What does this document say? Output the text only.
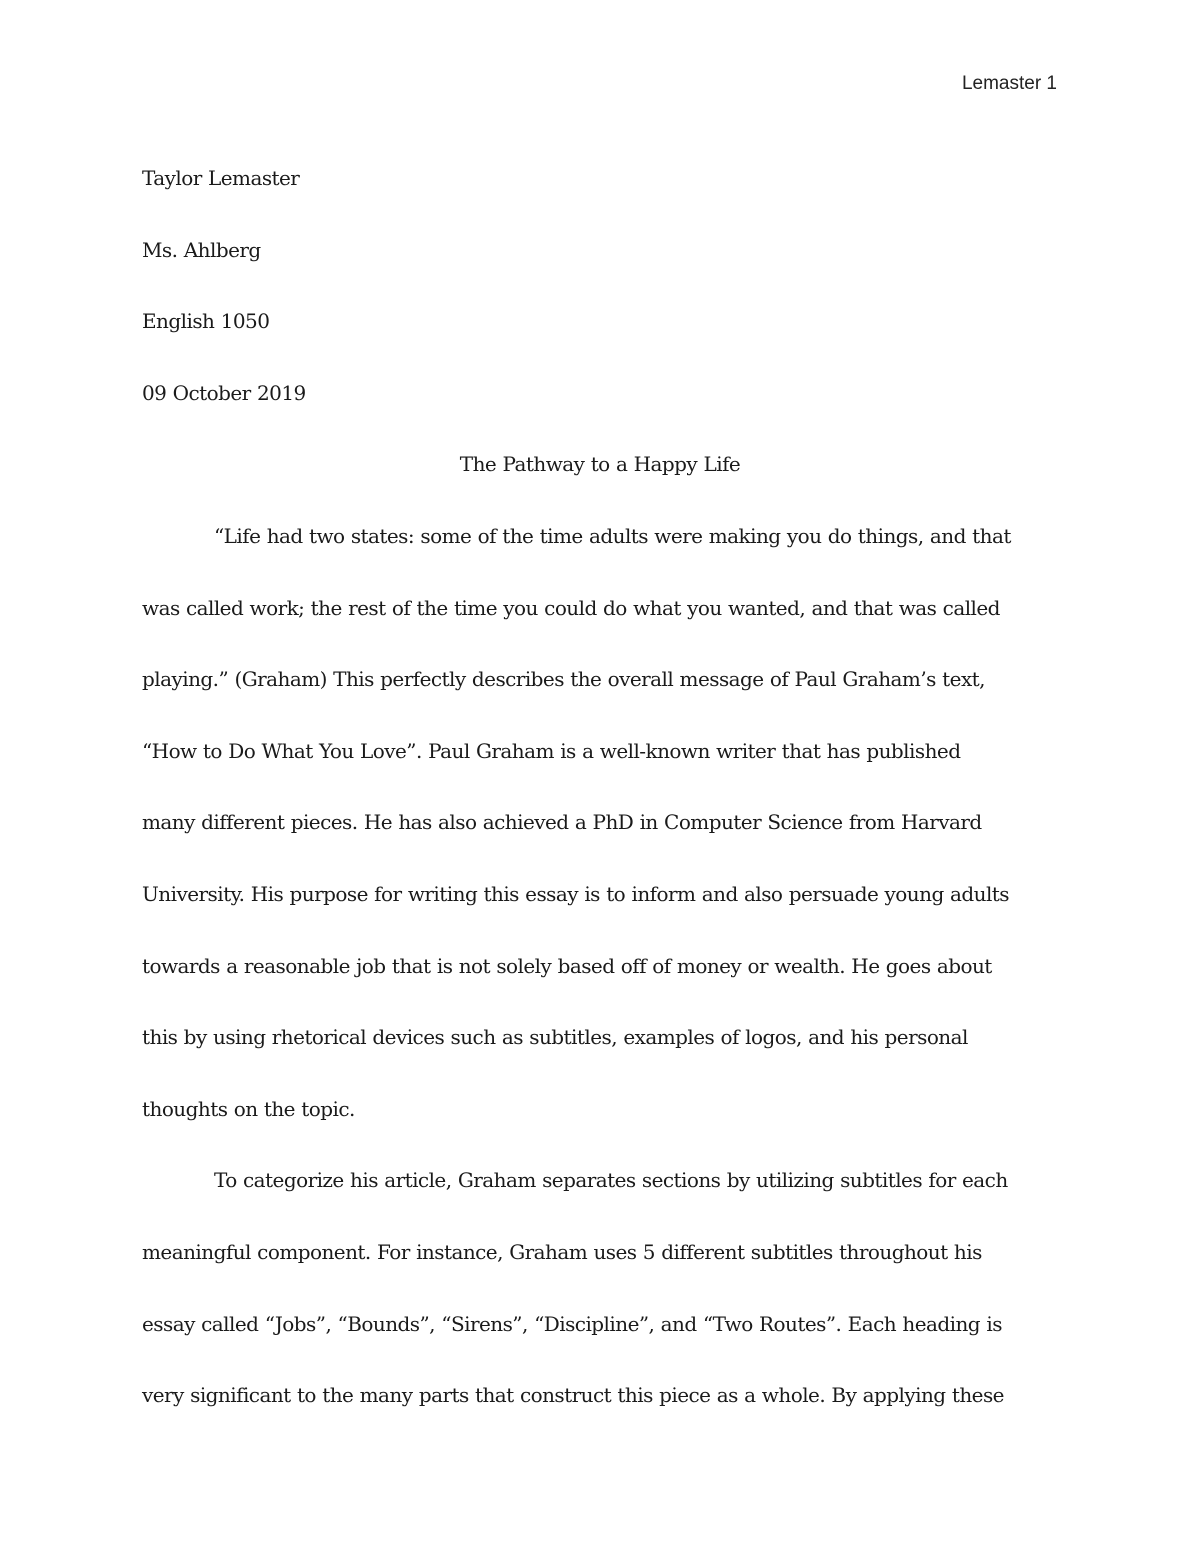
Lemaster 1
Taylor Lemaster
Ms. Ahlberg
English 1050
09 October 2019
The Pathway to a Happy Life
“Life had two states: some of the time adults were making you do things, and that
was called work; the rest of the time you could do what you wanted, and that was called
playing.” (Graham) This perfectly describes the overall message of Paul Graham’s text,
“How to Do What You Love”. Paul Graham is a well-known writer that has published
many different pieces. He has also achieved a PhD in Computer Science from Harvard
University. His purpose for writing this essay is to inform and also persuade young adults
towards a reasonable job that is not solely based off of money or wealth. He goes about
this by using rhetorical devices such as subtitles, examples of logos, and his personal
thoughts on the topic.
To categorize his article, Graham separates sections by utilizing subtitles for each
meaningful component. For instance, Graham uses 5 different subtitles throughout his
essay called “Jobs”, “Bounds”, “Sirens”, “Discipline”, and “Two Routes”. Each heading is
very significant to the many parts that construct this piece as a whole. By applying these
